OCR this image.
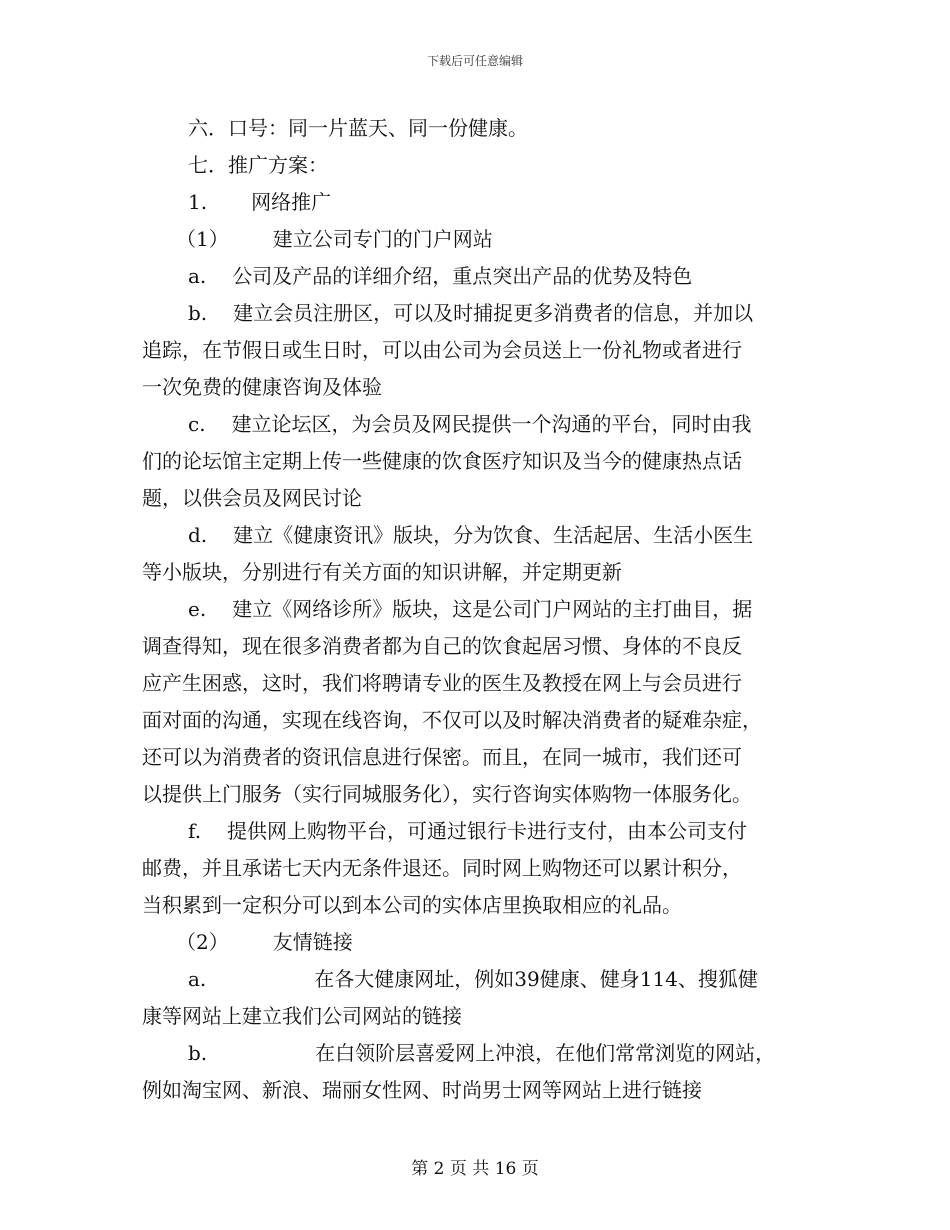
下载后可任意编辑
六．口号：同一片蓝天、同一份健康。
七．推广方案：
1. 网络推广
（1） 建立公司专门的门户网站
a. 公司及产品的详细介绍，重点突出产品的优势及特色
b. 建立会员注册区，可以及时捕捉更多消费者的信息，并加以
追踪，在节假日或生日时，可以由公司为会员送上一份礼物或者进行
一次免费的健康咨询及体验
c. 建立论坛区，为会员及网民提供一个沟通的平台，同时由我
们的论坛馆主定期上传一些健康的饮食医疗知识及当今的健康热点话
题，以供会员及网民讨论
d. 建立《健康资讯》版块，分为饮食、生活起居、生活小医生
等小版块，分别进行有关方面的知识讲解，并定期更新
e. 建立《网络诊所》版块，这是公司门户网站的主打曲目，据
调查得知，现在很多消费者都为自己的饮食起居习惯、身体的不良反
应产生困惑，这时，我们将聘请专业的医生及教授在网上与会员进行
面对面的沟通，实现在线咨询，不仅可以及时解决消费者的疑难杂症，
还可以为消费者的资讯信息进行保密。而且，在同一城市，我们还可
以提供上门服务（实行同城服务化），实行咨询实体购物一体服务化。
f. 提供网上购物平台，可通过银行卡进行支付，由本公司支付
邮费，并且承诺七天内无条件退还。同时网上购物还可以累计积分，
当积累到一定积分可以到本公司的实体店里换取相应的礼品。
（2） 友情链接
a.	在各大健康网址，例如39健康、健身114、搜狐健
康等网站上建立我们公司网站的链接
b.	在白领阶层喜爱网上冲浪，在他们常常浏览的网站，
例如淘宝网、新浪、瑞丽女性网、时尚男士网等网站上进行链接
第 2 页 共 16 页
